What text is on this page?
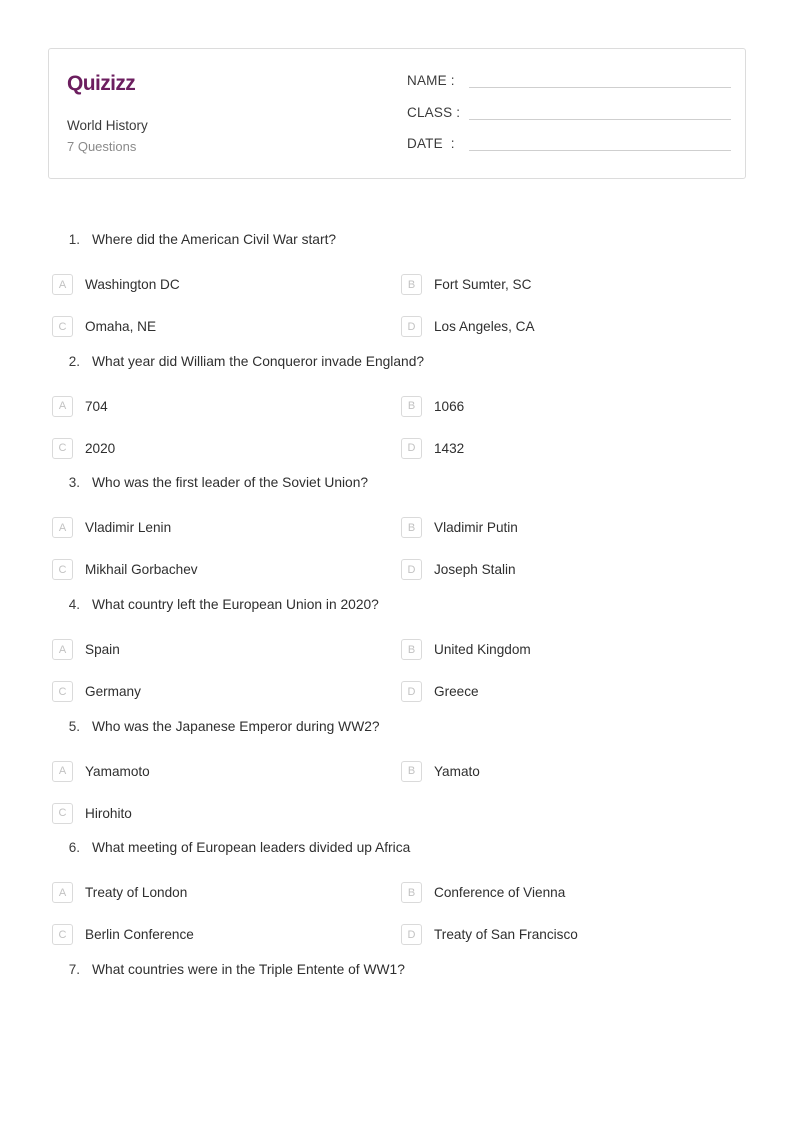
Quizizz
World History
7 Questions
NAME :
CLASS :
DATE  :
1. Where did the American Civil War start?
A	Washington DC	B	Fort Sumter, SC
C	Omaha, NE	D	Los Angeles, CA
2. What year did William the Conqueror invade England?
A	704	B	1066
C	2020	D	1432
3. Who was the first leader of the Soviet Union?
A	Vladimir Lenin	B	Vladimir Putin
C	Mikhail Gorbachev	D	Joseph Stalin
4. What country left the European Union in 2020?
A	Spain	B	United Kingdom
C	Germany	D	Greece
5. Who was the Japanese Emperor during WW2?
A	Yamamoto	B	Yamato
C	Hirohito
6. What meeting of European leaders divided up Africa
A	Treaty of London	B	Conference of Vienna
C	Berlin Conference	D	Treaty of San Francisco
7. What countries were in the Triple Entente of WW1?
